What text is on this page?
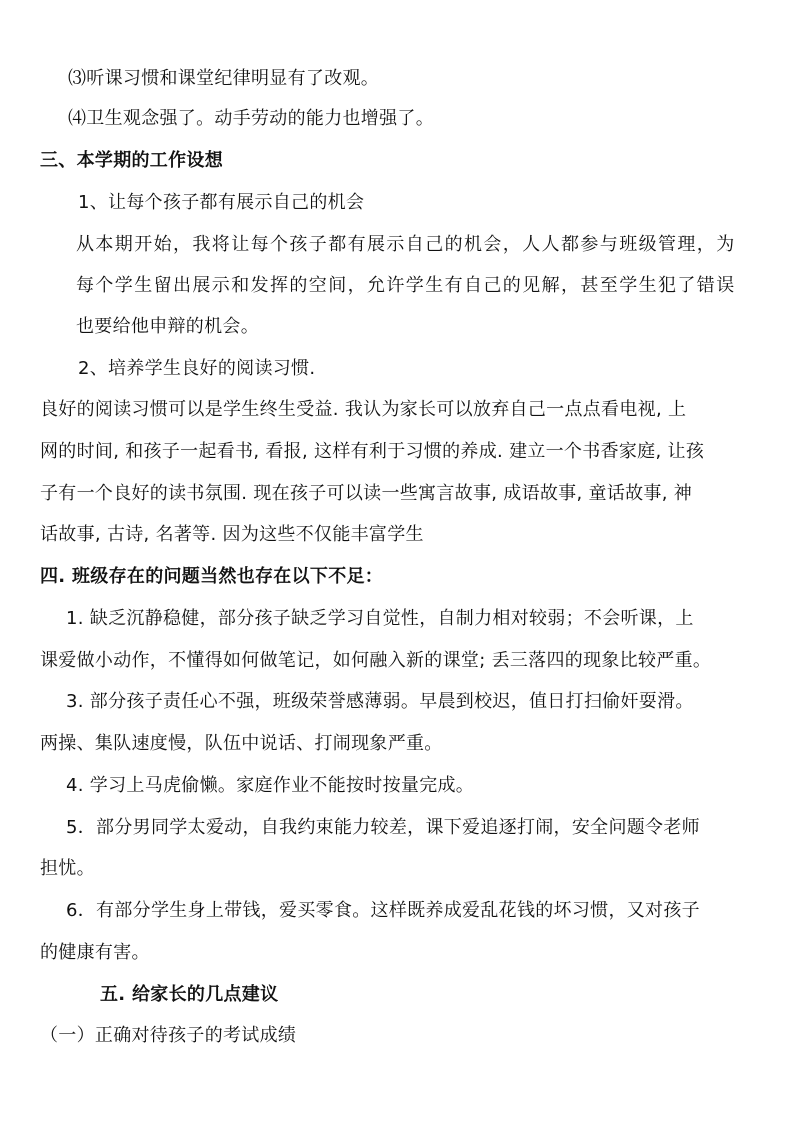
⑶听课习惯和课堂纪律明显有了改观。
⑷卫生观念强了。动手劳动的能力也增强了。
三、本学期的工作设想
1、让每个孩子都有展示自己的机会
从本期开始，我将让每个孩子都有展示自己的机会，人人都参与班级管理，为
每个学生留出展示和发挥的空间，允许学生有自己的见解，甚至学生犯了错误
也要给他申辩的机会。
2、培养学生良好的阅读习惯.
良好的阅读习惯可以是学生终生受益. 我认为家长可以放弃自己一点点看电视, 上
网的时间, 和孩子一起看书, 看报, 这样有利于习惯的养成. 建立一个书香家庭, 让孩
子有一个良好的读书氛围. 现在孩子可以读一些寓言故事, 成语故事, 童话故事, 神
话故事, 古诗, 名著等. 因为这些不仅能丰富学生
四. 班级存在的问题当然也存在以下不足：
1. 缺乏沉静稳健，部分孩子缺乏学习自觉性，自制力相对较弱；不会听课，上
课爱做小动作，不懂得如何做笔记，如何融入新的课堂; 丢三落四的现象比较严重。
3. 部分孩子责任心不强，班级荣誉感薄弱。早晨到校迟，值日打扫偷奸耍滑。
两操、集队速度慢，队伍中说话、打闹现象严重。
4. 学习上马虎偷懒。家庭作业不能按时按量完成。
5．部分男同学太爱动，自我约束能力较差，课下爱追逐打闹，安全问题令老师
担忧。
6．有部分学生身上带钱，爱买零食。这样既养成爱乱花钱的坏习惯，又对孩子
的健康有害。
五. 给家长的几点建议
（一）正确对待孩子的考试成绩
